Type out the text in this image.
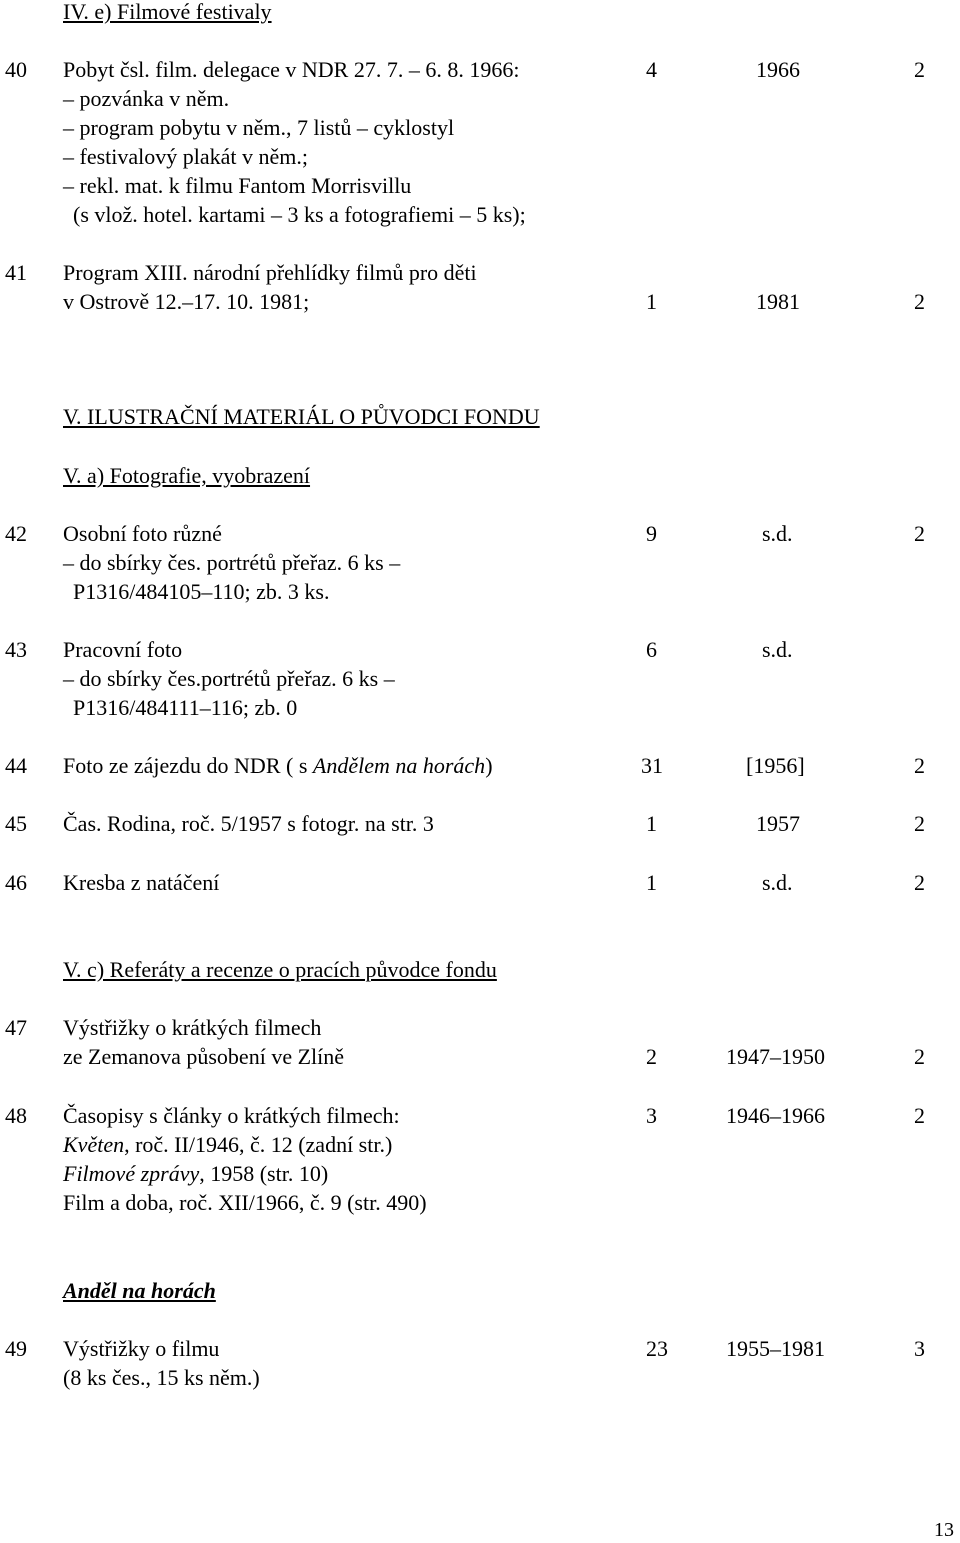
IV. e) Filmové festivaly
40 Pobyt čsl. film. delegace v NDR 27. 7. – 6. 8. 1966:	4	1966	2
– pozvánka v něm.
– program pobytu v něm., 7 listů – cyklostyl
– festivalový plakát v něm.;
– rekl. mat. k filmu Fantom Morrisvillu
(s vlož. hotel. kartami – 3 ks a fotografiemi – 5 ks);
41 Program XIII. národní přehlídky filmů pro děti
v Ostrově 12.–17. 10. 1981;	1	1981	2
V. ILUSTRAČNÍ MATERIÁL O PŮVODCI FONDU
V. a) Fotografie, vyobrazení
42 Osobní foto různé	9	s.d.	2
– do sbírky čes. portrétů přeřaz. 6 ks –
P1316/484105–110; zb. 3 ks.
43 Pracovní foto	6	s.d.
– do sbírky čes.portrétů přeřaz. 6 ks –
P1316/484111–116; zb. 0
44 Foto ze zájezdu do NDR ( s Andělem na horách)	31	[1956]	2
45 Čas. Rodina, roč. 5/1957 s fotogr. na str. 3	1	1957	2
46 Kresba z natáčení	1	s.d.	2
V. c) Referáty a recenze o pracích původce fondu
47 Výstřižky o krátkých filmech
ze Zemanova působení ve Zlíně	2	1947–1950	2
48 Časopisy s články o krátkých filmech:	3	1946–1966	2
Květen, roč. II/1946, č. 12 (zadní str.)
Filmové zprávy, 1958 (str. 10)
Film a doba, roč. XII/1966, č. 9 (str. 490)
Anděl na horách
49 Výstřižky o filmu	23	1955–1981	3
(8 ks čes., 15 ks něm.)
13
